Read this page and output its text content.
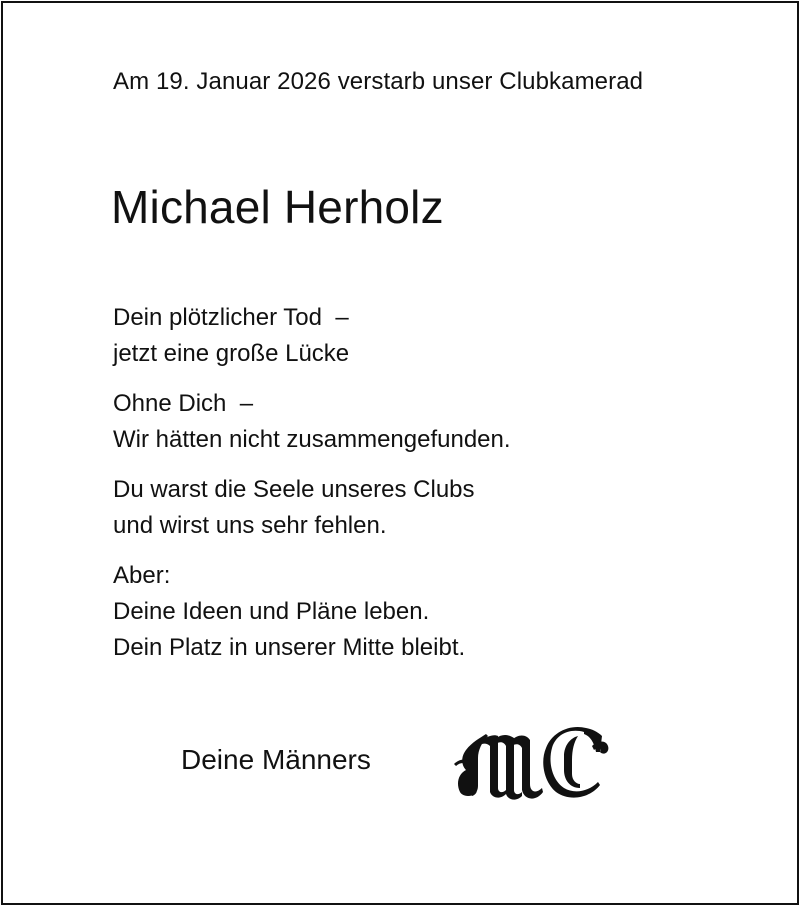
Am 19. Januar 2026 verstarb unser Clubkamerad
Michael Herholz
Dein plötzlicher Tod  –
jetzt eine große Lücke
Ohne Dich  –
Wir hätten nicht zusammengefunden.
Du warst die Seele unseres Clubs
und wirst uns sehr fehlen.
Aber:
Deine Ideen und Pläne leben.
Dein Platz in unserer Mitte bleibt.
Deine Männers
